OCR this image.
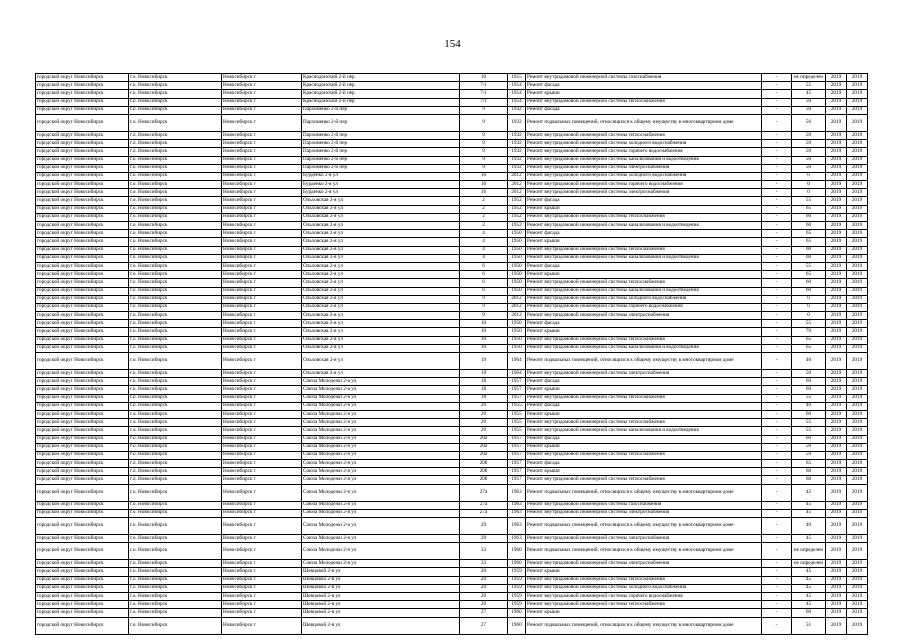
154
городской округ Новосибирск	г.о. Новосибирск	Новосибирск г	Краснодонский 2-й пер	10	1955	Ремонт внутридомовой инженерной системы газоснабжения	-	не определен	2019	2019
городской округ Новосибирск	г.о. Новосибирск	Новосибирск г	Краснодонский 2-й пер	7/1	1954	Ремонт фасада	-	55	2019	2019
городской округ Новосибирск	г.о. Новосибирск	Новосибирск г	Краснодонский 2-й пер	7/1	1954	Ремонт крыши	-	45	2019	2019
городской округ Новосибирск	г.о. Новосибирск	Новосибирск г	Краснодонский 2-й пер	7/1	1954	Ремонт внутридомовой инженерной системы теплоснабжения	-	50	2019	2019
городской округ Новосибирск	г.о. Новосибирск	Новосибирск г	Пархоменко 2-й пер	9	1932	Ремонт фасада	-	50	2019	2019
городской округ Новосибирск	г.о. Новосибирск	Новосибирск г	Пархоменко 2-й пер	9	1932	Ремонт подвальных помещений, относящихся к общему имуществу в многоквартирном доме	-	56	2019	2019
городской округ Новосибирск	г.о. Новосибирск	Новосибирск г	Пархоменко 2-й пер	9	1932	Ремонт внутридомовой инженерной системы теплоснабжения	-	50	2019	2019
городской округ Новосибирск	г.о. Новосибирск	Новосибирск г	Пархоменко 2-й пер	9	1932	Ремонт внутридомовой инженерной системы холодного водоснабжения	-	50	2019	2019
городской округ Новосибирск	г.о. Новосибирск	Новосибирск г	Пархоменко 2-й пер	9	1932	Ремонт внутридомовой инженерной системы горячего водоснабжения	-	50	2019	2019
городской округ Новосибирск	г.о. Новосибирск	Новосибирск г	Пархоменко 2-й пер	9	1932	Ремонт внутридомовой инженерной системы канализования и водоотведения	-	50	2019	2019
городской округ Новосибирск	г.о. Новосибирск	Новосибирск г	Пархоменко 2-й пер	9	1932	Ремонт внутридомовой инженерной системы электроснабжения	-	50	2019	2019
городской округ Новосибирск	г.о. Новосибирск	Новосибирск г	Бурденко 2-я ул	16	2012	Ремонт внутридомовой инженерной системы холодного водоснабжения	-	0	2019	2019
городской округ Новосибирск	г.о. Новосибирск	Новосибирск г	Бурденко 2-я ул	16	2012	Ремонт внутридомовой инженерной системы горячего водоснабжения	-	0	2019	2019
городской округ Новосибирск	г.о. Новосибирск	Новосибирск г	Бурденко 2-я ул	16	2012	Ремонт внутридомовой инженерной системы электроснабжения	-	0	2019	2019
городской округ Новосибирск	г.о. Новосибирск	Новосибирск г	Ольховская 2-я ул	2	1952	Ремонт фасада	-	55	2019	2019
городской округ Новосибирск	г.о. Новосибирск	Новосибирск г	Ольховская 2-я ул	2	1952	Ремонт крыши	-	65	2019	2019
городской округ Новосибирск	г.о. Новосибирск	Новосибирск г	Ольховская 2-я ул	2	1952	Ремонт внутридомовой инженерной системы теплоснабжения	-	60	2019	2019
городской округ Новосибирск	г.о. Новосибирск	Новосибирск г	Ольховская 2-я ул	2	1952	Ремонт внутридомовой инженерной системы канализования и водоотведения	-	60	2019	2019
городской округ Новосибирск	г.о. Новосибирск	Новосибирск г	Ольховская 2-я ул	4	1950	Ремонт фасада	-	65	2019	2019
городской округ Новосибирск	г.о. Новосибирск	Новосибирск г	Ольховская 2-я ул	4	1950	Ремонт крыши	-	65	2019	2019
городской округ Новосибирск	г.о. Новосибирск	Новосибирск г	Ольховская 2-я ул	4	1950	Ремонт внутридомовой инженерной системы теплоснабжения	-	60	2019	2019
городской округ Новосибирск	г.о. Новосибирск	Новосибирск г	Ольховская 2-я ул	4	1950	Ремонт внутридомовой инженерной системы канализования и водоотведения	-	60	2019	2019
городской округ Новосибирск	г.о. Новосибирск	Новосибирск г	Ольховская 2-я ул	6	1950	Ремонт фасада	-	55	2019	2019
городской округ Новосибирск	г.о. Новосибирск	Новосибирск г	Ольховская 2-я ул	6	1950	Ремонт крыши	-	65	2019	2019
городской округ Новосибирск	г.о. Новосибирск	Новосибирск г	Ольховская 2-я ул	6	1950	Ремонт внутридомовой инженерной системы теплоснабжения	-	60	2019	2019
городской округ Новосибирск	г.о. Новосибирск	Новосибирск г	Ольховская 2-я ул	6	1950	Ремонт внутридомовой инженерной системы канализования и водоотведения	-	60	2019	2019
городской округ Новосибирск	г.о. Новосибирск	Новосибирск г	Ольховская 2-я ул	9	2012	Ремонт внутридомовой инженерной системы холодного водоснабжения	-	0	2019	2019
городской округ Новосибирск	г.о. Новосибирск	Новосибирск г	Ольховская 2-я ул	9	2012	Ремонт внутридомовой инженерной системы горячего водоснабжения	-	0	2019	2019
городской округ Новосибирск	г.о. Новосибирск	Новосибирск г	Ольховская 2-я ул	9	2012	Ремонт внутридомовой инженерной системы электроснабжения	-	0	2019	2019
городской округ Новосибирск	г.о. Новосибирск	Новосибирск г	Ольховская 2-я ул	10	1950	Ремонт фасада	-	55	2019	2019
городской округ Новосибирск	г.о. Новосибирск	Новосибирск г	Ольховская 2-я ул	10	1950	Ремонт крыши	-	70	2019	2019
городской округ Новосибирск	г.о. Новосибирск	Новосибирск г	Ольховская 2-я ул	10	1950	Ремонт внутридомовой инженерной системы теплоснабжения	-	65	2019	2019
городской округ Новосибирск	г.о. Новосибирск	Новосибирск г	Ольховская 2-я ул	10	1950	Ремонт внутридомовой инженерной системы канализования и водоотведения	-	65	2019	2019
городской округ Новосибирск	г.о. Новосибирск	Новосибирск г	Ольховская 2-я ул	19	1964	Ремонт подвальных помещений, относящихся к общему имуществу в многоквартирном доме	-	40	2019	2019
городской округ Новосибирск	г.о. Новосибирск	Новосибирск г	Ольховская 2-я ул	19	1964	Ремонт внутридомовой инженерной системы электроснабжения	-	50	2019	2019
городской округ Новосибирск	г.о. Новосибирск	Новосибирск г	Союза Молодежи 2-я ул	18	1957	Ремонт фасада	-	60	2019	2019
городской округ Новосибирск	г.о. Новосибирск	Новосибирск г	Союза Молодежи 2-я ул	18	1957	Ремонт крыши	-	60	2019	2019
городской округ Новосибирск	г.о. Новосибирск	Новосибирск г	Союза Молодежи 2-я ул	18	1957	Ремонт внутридомовой инженерной системы теплоснабжения	-	55	2019	2019
городской округ Новосибирск	г.о. Новосибирск	Новосибирск г	Союза Молодежи 2-я ул	20	1955	Ремонт фасада	-	40	2019	2019
городской округ Новосибирск	г.о. Новосибирск	Новосибирск г	Союза Молодежи 2-я ул	20	1955	Ремонт крыши	-	60	2019	2019
городской округ Новосибирск	г.о. Новосибирск	Новосибирск г	Союза Молодежи 2-я ул	20	1955	Ремонт внутридомовой инженерной системы теплоснабжения	-	55	2019	2019
городской округ Новосибирск	г.о. Новосибирск	Новосибирск г	Союза Молодежи 2-я ул	20	1955	Ремонт внутридомовой инженерной системы канализования и водоотведения	-	55	2019	2019
городской округ Новосибирск	г.о. Новосибирск	Новосибирск г	Союза Молодежи 2-я ул	20а	1957	Ремонт фасада	-	60	2019	2019
городской округ Новосибирск	г.о. Новосибирск	Новосибирск г	Союза Молодежи 2-я ул	20а	1957	Ремонт крыши	-	50	2019	2019
городской округ Новосибирск	г.о. Новосибирск	Новосибирск г	Союза Молодежи 2-я ул	20а	1957	Ремонт внутридомовой инженерной системы теплоснабжения	-	59	2019	2019
городской округ Новосибирск	г.о. Новосибирск	Новосибирск г	Союза Молодежи 2-я ул	20б	1957	Ремонт фасада	-	65	2019	2019
городской округ Новосибирск	г.о. Новосибирск	Новосибирск г	Союза Молодежи 2-я ул	20б	1957	Ремонт крыши	-	60	2019	2019
городской округ Новосибирск	г.о. Новосибирск	Новосибирск г	Союза Молодежи 2-я ул	20б	1957	Ремонт внутридомовой инженерной системы теплоснабжения	-	60	2019	2019
городской округ Новосибирск	г.о. Новосибирск	Новосибирск г	Союза Молодежи 2-я ул	27а	1963	Ремонт подвальных помещений, относящихся к общему имуществу в многоквартирном доме	-	42	2019	2019
городской округ Новосибирск	г.о. Новосибирск	Новосибирск г	Союза Молодежи 2-я ул	27а	1963	Ремонт внутридомовой инженерной системы газоснабжения	-	45	2019	2019
городской округ Новосибирск	г.о. Новосибирск	Новосибирск г	Союза Молодежи 2-я ул	27а	1963	Ремонт внутридомовой инженерной системы электроснабжения	-	45	2019	2019
городской округ Новосибирск	г.о. Новосибирск	Новосибирск г	Союза Молодежи 2-я ул	29	1963	Ремонт подвальных помещений, относящихся к общему имуществу в многоквартирном доме	-	40	2019	2019
городской округ Новосибирск	г.о. Новосибирск	Новосибирск г	Союза Молодежи 2-я ул	29	1963	Ремонт внутридомовой инженерной системы электроснабжения	-	45	2019	2019
городской округ Новосибирск	г.о. Новосибирск	Новосибирск г	Союза Молодежи 2-я ул	33	1960	Ремонт подвальных помещений, относящихся к общему имуществу в многоквартирном доме	-	не определен	2019	2019
городской округ Новосибирск	г.о. Новосибирск	Новосибирск г	Союза Молодежи 2-я ул	33	1960	Ремонт внутридомовой инженерной системы электроснабжения	-	не определен	2019	2019
городской округ Новосибирск	г.о. Новосибирск	Новосибирск г	Шевцовой 2-я ул	20	1959	Ремонт крыши	-	45	2019	2019
городской округ Новосибирск	г.о. Новосибирск	Новосибирск г	Шевцовой 2-я ул	20	1959	Ремонт внутридомовой инженерной системы теплоснабжения	-	45	2019	2019
городской округ Новосибирск	г.о. Новосибирск	Новосибирск г	Шевцовой 2-я ул	20	1959	Ремонт внутридомовой инженерной системы холодного водоснабжения	-	45	2019	2019
городской округ Новосибирск	г.о. Новосибирск	Новосибирск г	Шевцовой 2-я ул	20	1959	Ремонт внутридомовой инженерной системы горячего водоснабжения	-	45	2019	2019
городской округ Новосибирск	г.о. Новосибирск	Новосибирск г	Шевцовой 2-я ул	20	1959	Ремонт внутридомовой инженерной системы теплоснабжения	-	45	2019	2019
городской округ Новосибирск	г.о. Новосибирск	Новосибирск г	Шевцовой 2-я ул	27	1960	Ремонт крыши	-	60	2019	2019
городской округ Новосибирск	г.о. Новосибирск	Новосибирск г	Шевцовой 2-я ул	27	1960	Ремонт подвальных помещений, относящихся к общему имуществу в многоквартирном доме	-	51	2019	2019
